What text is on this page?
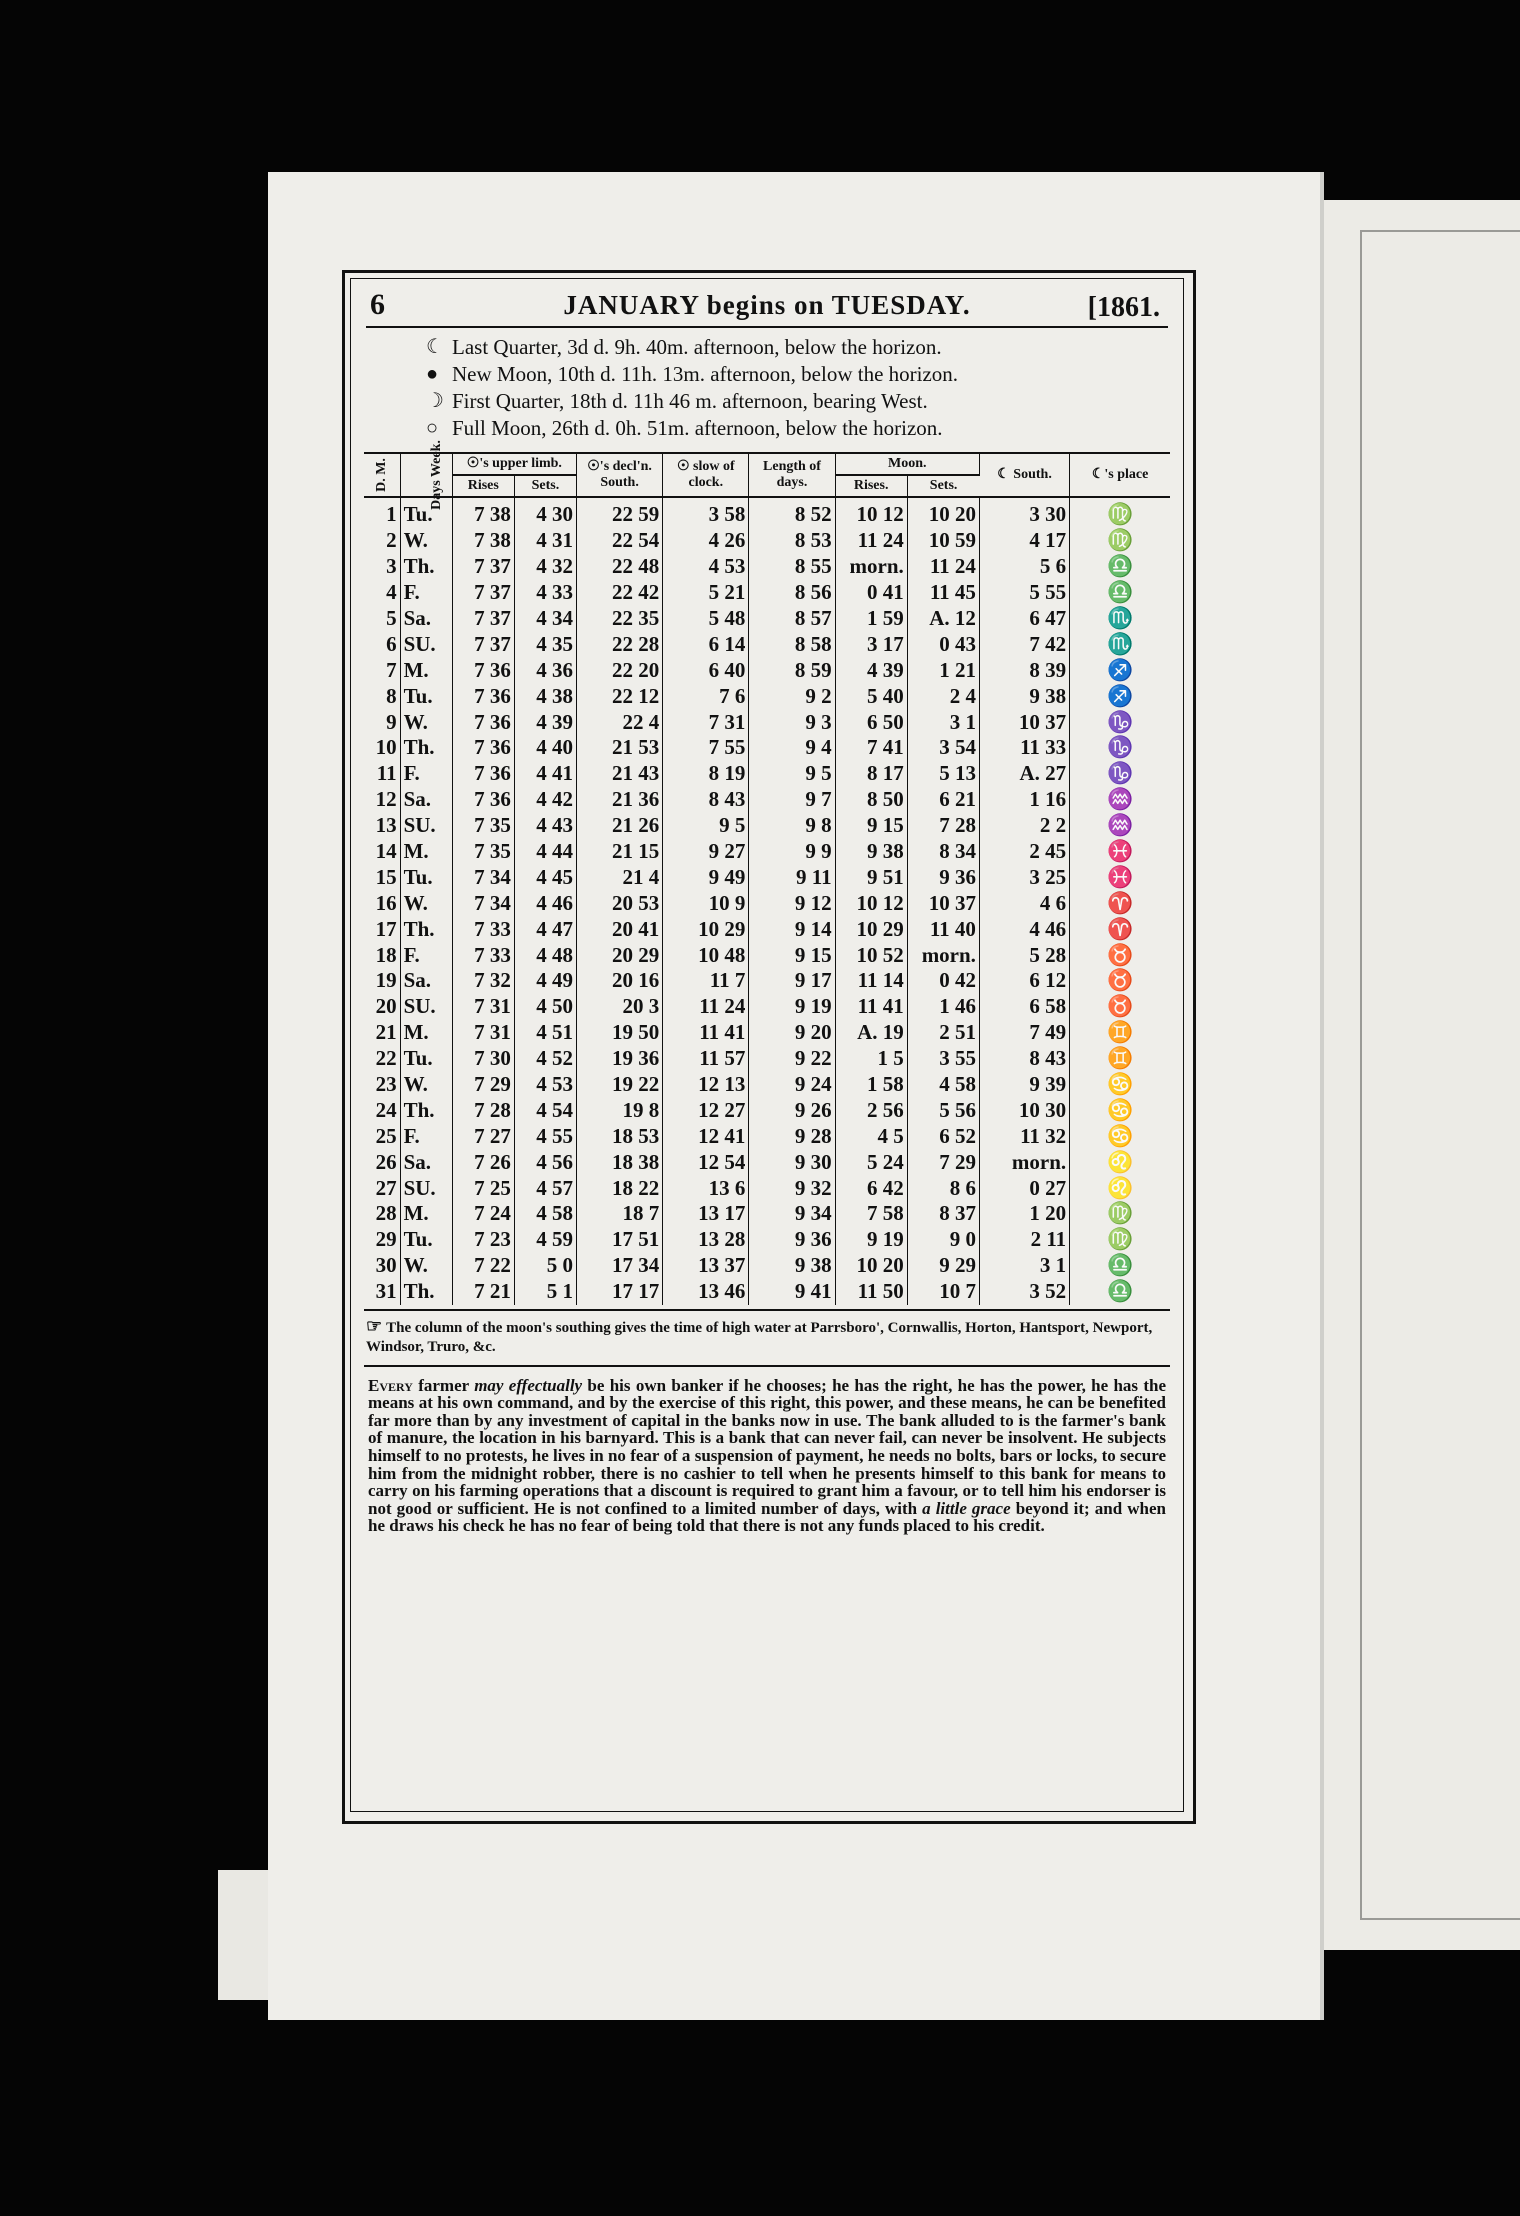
6	JANUARY begins on TUESDAY.	[1861.
☾ Last Quarter, 3d d. 9h. 40m. afternoon, below the horizon.
● New Moon, 10th d. 11h. 13m. afternoon, below the horizon.
☽ First Quarter, 18th d. 11h 46 m. afternoon, bearing West.
○ Full Moon, 26th d. 0h. 51m. afternoon, below the horizon.
D. M.	Days Week.	☉'s upper limb.		☉'s decl'n. South.	☉ slow of clock.	Length of days.	Moon.		☾ South.	☾'s place
		Rises	Sets.				Rises.	Sets.		
1	Tu.	7 38	4 30	22 59	3 58	8 52	10 12	10 20	3 30	♍
2	W.	7 38	4 31	22 54	4 26	8 53	11 24	10 59	4 17	♍
3	Th.	7 37	4 32	22 48	4 53	8 55	morn.	11 24	5 6	♎
4	F.	7 37	4 33	22 42	5 21	8 56	0 41	11 45	5 55	♎
5	Sa.	7 37	4 34	22 35	5 48	8 57	1 59	A. 12	6 47	♏
6	SU.	7 37	4 35	22 28	6 14	8 58	3 17	0 43	7 42	♏
7	M.	7 36	4 36	22 20	6 40	8 59	4 39	1 21	8 39	♐
8	Tu.	7 36	4 38	22 12	7 6	9 2	5 40	2 4	9 38	♐
9	W.	7 36	4 39	22 4	7 31	9 3	6 50	3 1	10 37	♑
10	Th.	7 36	4 40	21 53	7 55	9 4	7 41	3 54	11 33	♑
11	F.	7 36	4 41	21 43	8 19	9 5	8 17	5 13	A. 27	♑
12	Sa.	7 36	4 42	21 36	8 43	9 7	8 50	6 21	1 16	♒
13	SU.	7 35	4 43	21 26	9 5	9 8	9 15	7 28	2 2	♒
14	M.	7 35	4 44	21 15	9 27	9 9	9 38	8 34	2 45	♓
15	Tu.	7 34	4 45	21 4	9 49	9 11	9 51	9 36	3 25	♓
16	W.	7 34	4 46	20 53	10 9	9 12	10 12	10 37	4 6	♈
17	Th.	7 33	4 47	20 41	10 29	9 14	10 29	11 40	4 46	♈
18	F.	7 33	4 48	20 29	10 48	9 15	10 52	morn.	5 28	♉
19	Sa.	7 32	4 49	20 16	11 7	9 17	11 14	0 42	6 12	♉
20	SU.	7 31	4 50	20 3	11 24	9 19	11 41	1 46	6 58	♉
21	M.	7 31	4 51	19 50	11 41	9 20	A. 19	2 51	7 49	♊
22	Tu.	7 30	4 52	19 36	11 57	9 22	1 5	3 55	8 43	♊
23	W.	7 29	4 53	19 22	12 13	9 24	1 58	4 58	9 39	♋
24	Th.	7 28	4 54	19 8	12 27	9 26	2 56	5 56	10 30	♋
25	F.	7 27	4 55	18 53	12 41	9 28	4 5	6 52	11 32	♋
26	Sa.	7 26	4 56	18 38	12 54	9 30	5 24	7 29	morn.	♌
27	SU.	7 25	4 57	18 22	13 6	9 32	6 42	8 6	0 27	♌
28	M.	7 24	4 58	18 7	13 17	9 34	7 58	8 37	1 20	♍
29	Tu.	7 23	4 59	17 51	13 28	9 36	9 19	9 0	2 11	♍
30	W.	7 22	5 0	17 34	13 37	9 38	10 20	9 29	3 1	♎
31	Th.	7 21	5 1	17 17	13 46	9 41	11 50	10 7	3 52	♎
☞ The column of the moon's southing gives the time of high water at Parrsboro', Cornwallis, Horton, Hantsport, Newport, Windsor, Truro, &c.
Every farmer may effectually be his own banker if he chooses; he has the right, he has the power, he has the means at his own command, and by the exercise of this right, this power, and these means, he can be benefited far more than by any investment of capital in the banks now in use. The bank alluded to is the farmer's bank of manure, the location in his barnyard. This is a bank that can never fail, can never be insolvent. He subjects himself to no protests, he lives in no fear of a suspension of payment, he needs no bolts, bars or locks, to secure him from the midnight robber, there is no cashier to tell when he presents himself to this bank for means to carry on his farming operations that a discount is required to grant him a favour, or to tell him his endorser is not good or sufficient. He is not confined to a limited number of days, with a little grace beyond it; and when he draws his check he has no fear of being told that there is not any funds placed to his credit.
